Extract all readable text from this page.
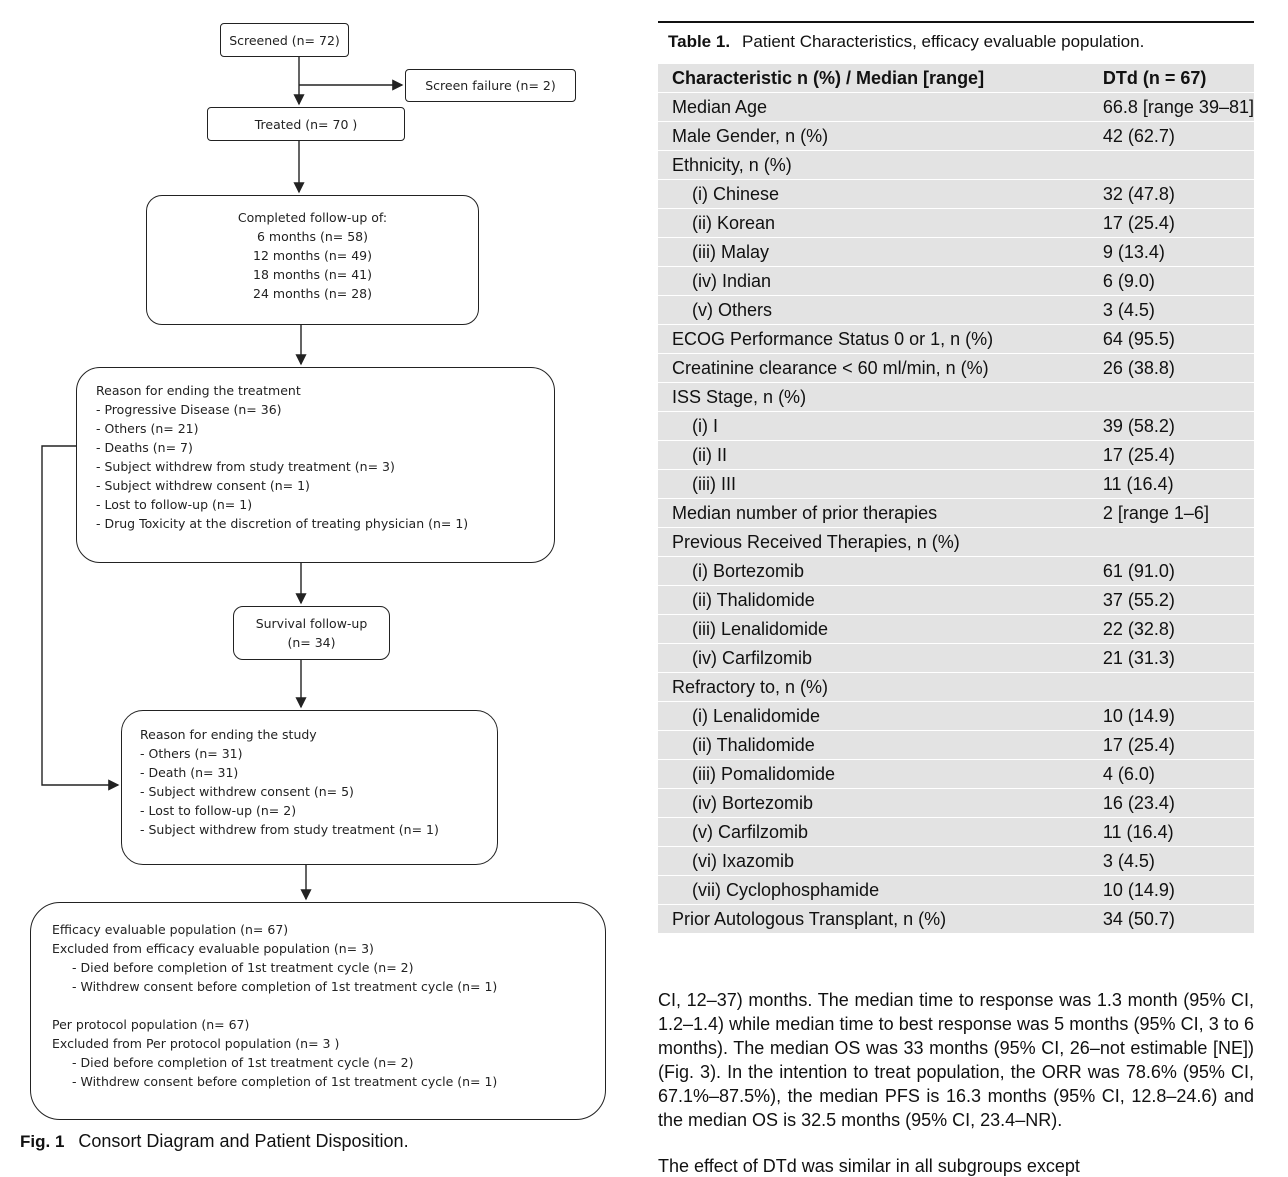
Screened (n= 72)
Screen failure (n= 2)
Treated (n= 70 )
Completed follow-up of:
6 months (n= 58)
12 months (n= 49)
18 months (n= 41)
24 months (n= 28)
Reason for ending the treatment
- Progressive Disease (n= 36)
- Others (n= 21)
- Deaths (n= 7)
- Subject withdrew from study treatment (n= 3)
- Subject withdrew consent (n= 1)
- Lost to follow-up (n= 1)
- Drug Toxicity at the discretion of treating physician (n= 1)
Survival follow-up
(n= 34)
Reason for ending the study
- Others (n= 31)
- Death (n= 31)
- Subject withdrew consent (n= 5)
- Lost to follow-up (n= 2)
- Subject withdrew from study treatment (n= 1)
Efficacy evaluable population (n= 67)
Excluded from efficacy evaluable population (n= 3)
- Died before completion of 1st treatment cycle (n= 2)
- Withdrew consent before completion of 1st treatment cycle (n= 1)
Per protocol population (n= 67)
Excluded from Per protocol population (n= 3 )
- Died before completion of 1st treatment cycle (n= 2)
- Withdrew consent before completion of 1st treatment cycle (n= 1)
Fig. 1 Consort Diagram and Patient Disposition.
Table 1. Patient Characteristics, efficacy evaluable population.
Characteristic n (%) / Median [range]	DTd (n = 67)
Median Age	66.8 [range 39–81]
Male Gender, n (%)	42 (62.7)
Ethnicity, n (%)	
(i) Chinese	32 (47.8)
(ii) Korean	17 (25.4)
(iii) Malay	9 (13.4)
(iv) Indian	6 (9.0)
(v) Others	3 (4.5)
ECOG Performance Status 0 or 1, n (%)	64 (95.5)
Creatinine clearance < 60 ml/min, n (%)	26 (38.8)
ISS Stage, n (%)	
(i) I	39 (58.2)
(ii) II	17 (25.4)
(iii) III	11 (16.4)
Median number of prior therapies	2 [range 1–6]
Previous Received Therapies, n (%)	
(i) Bortezomib	61 (91.0)
(ii) Thalidomide	37 (55.2)
(iii) Lenalidomide	22 (32.8)
(iv) Carfilzomib	21 (31.3)
Refractory to, n (%)	
(i) Lenalidomide	10 (14.9)
(ii) Thalidomide	17 (25.4)
(iii) Pomalidomide	4 (6.0)
(iv) Bortezomib	16 (23.4)
(v) Carfilzomib	11 (16.4)
(vi) Ixazomib	3 (4.5)
(vii) Cyclophosphamide	10 (14.9)
Prior Autologous Transplant, n (%)	34 (50.7)

CI, 12–37) months. The median time to response was 1.3 month (95% CI, 1.2–1.4) while median time to best response was 5 months (95% CI, 3 to 6 months). The median OS was 33 months (95% CI, 26–not estimable [NE]) (Fig. 3). In the intention to treat population, the ORR was 78.6% (95% CI, 67.1%–87.5%), the median PFS is 16.3 months (95% CI, 12.8–24.6) and the median OS is 32.5 months (95% CI, 23.4–NR).

The effect of DTd was similar in all subgroups except
